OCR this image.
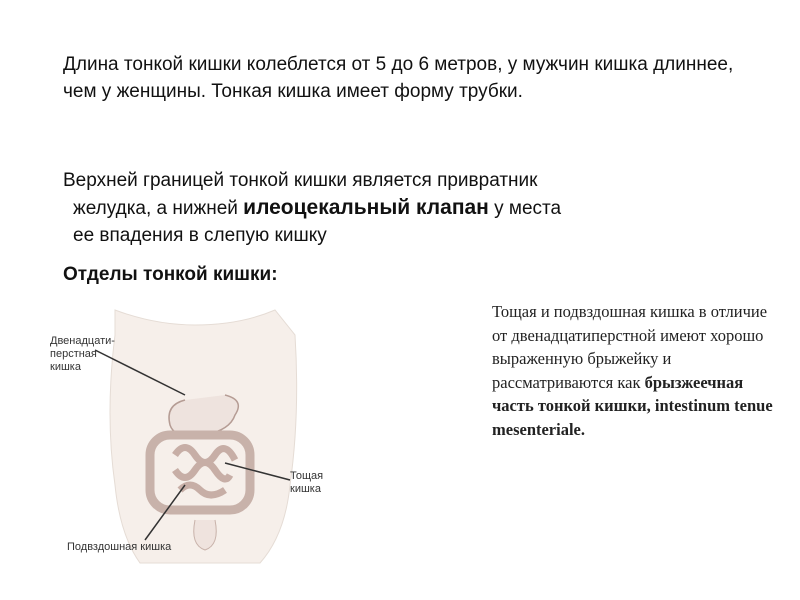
Длина тонкой кишки колеблется от 5 до 6 метров, у мужчин кишка длиннее, чем у женщины. Тонкая кишка имеет форму трубки.
Верхней границей тонкой кишки является привратник
желудка, а нижней илеоцекальный клапан у места
ее впадения в слепую кишку
Отделы тонкой кишки:
Двенадцати-
перстная
кишка
Тощая
кишка
Подвздошная кишка
Тощая и подвздошная кишка в отличие от двенадцатиперстной имеют хорошо выраженную брыжейку и рассматриваются как брызжеечная часть тонкой кишки, intestinum tenue mesenteriale.
